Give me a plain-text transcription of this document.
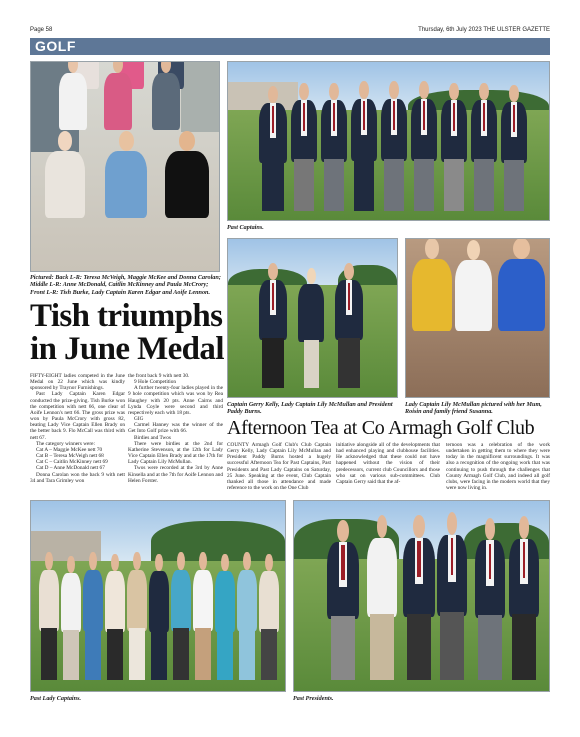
Page 58	Thursday, 6th July 2023 THE ULSTER GAZETTE
GOLF
Pictured: Back L-R: Teresa McVeigh, Maggie McKee and Donna Carolan; Middle L-R: Anne McDonald, Caitlin McKinney and Paula McCrory; Front L-R: Tish Burke, Lady Captain Karen Edgar and Aoife Lennon.
Past Captains.
Captain Gerry Kelly, Lady Captain Lily McMullan and President Paddy Burns.
Lady Captain Lily McMullan pictured with her Mum, Roisin and family friend Susanna.
Tish triumphs in June Medal

FIFTY-EIGHT ladies competed in the June Medal on 22 June which was kindly sponsored by Traynor Furnishings.

Past Lady Captain Karen Edgar conducted the prize-giving. Tish Burke won the competition with nett 66, one clear of Aoife Lennon's nett 66. The gross prize was won by Paula McCrory with gross 82, beating Lady Vice Captain Ellen Brady on the better back 9. Flo McCall was third with nett 67.

The category winners were:

Cat A – Maggie McKee nett 70

Cat B – Teresa McVeigh nett 68

Cat C – Caitlin McKinney nett 69

Cat D – Anne McDonald nett 67

Donna Carolan won the back 9 with nett 34 and Tara Grimley won

the front back 9 with nett 30.

9 Hole Competition

A further twenty-four ladies played in the 9 hole competition which was won by Rea Haughey with 20 pts. Anne Cairns and Lynda Coyle were second and third respectively each with 18 pts.

GIG

Carmel Hanney was the winner of the Get Into Golf prize with 66.

Birdies and Twos

There were birdies at the 2nd for Katherine Stevenson, at the 12th for Lady Vice Captain Ellen Brady and at the 17th for Lady Captain Lily McMullan.

Twos were recorded at the 3rd by Anne Kinsella and at the 7th for Aoife Lennon and Helen Forster.

Afternoon Tea at Co Armagh Golf Club

COUNTY Armagh Golf Club's Club Captain Gerry Kelly, Lady Captain Lily McMullan and President Paddy Burns hosted a hugely successful Afternoon Tea for Past Captains, Past Presidents and Past Lady Captains on Saturday, 25 June. Speaking at the event, Club Captain thanked all those in attendance and made reference to the work on the One Club

initiative alongside all of the developments that had enhanced playing and clubhouse facilities. He acknowledged that these could not have happened without the vision of their predecessors, current club Councillors and those who sat on various sub-committees. Club Captain Gerry said that the af-

ternoon was a celebration of the work undertaken in getting them to where they were today in the magnificent surroundings. It was also a recognition of the ongoing work that was continuing to push through the challenges that County Armagh Golf Club, and indeed all golf clubs, were facing in the modern world that they were now living in.

Past Lady Captains.	Past Presidents.
